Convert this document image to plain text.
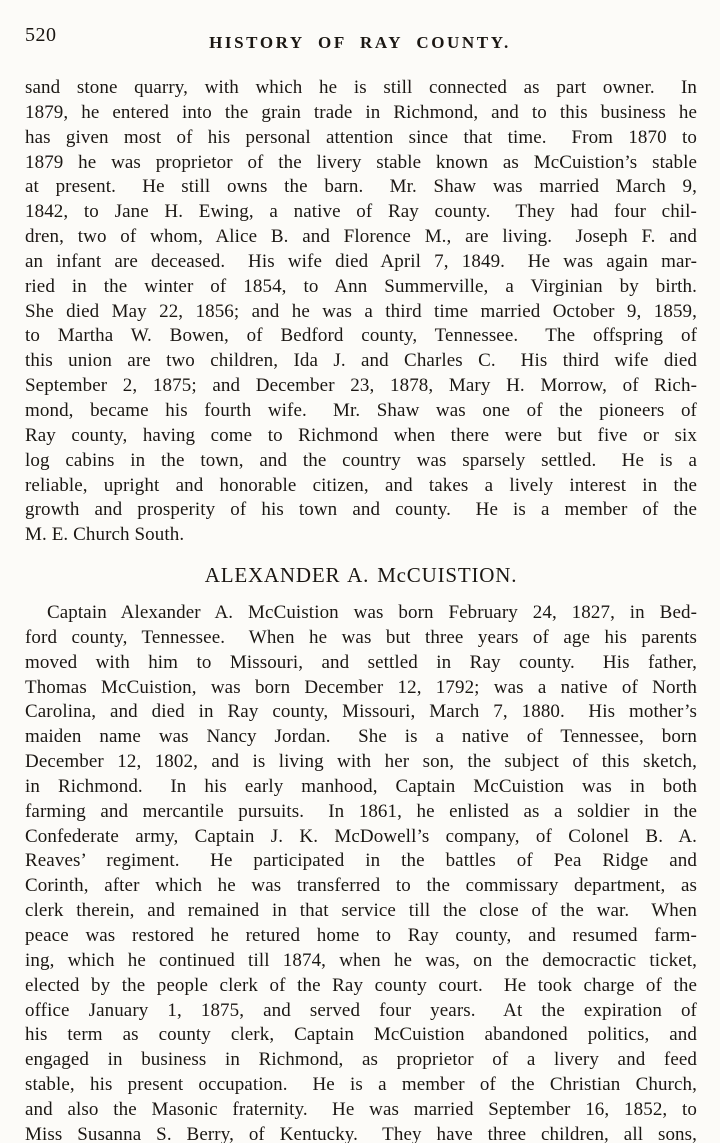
520	HISTORY OF RAY COUNTY.
sand stone quarry, with which he is still connected as part owner.  In
1879, he entered into the grain trade in Richmond, and to this business he
has given most of his personal attention since that time.  From 1870 to
1879 he was proprietor of the livery stable known as McCuistion’s stable
at present.  He still owns the barn.  Mr. Shaw was married March 9,
1842, to Jane H. Ewing, a native of Ray county.  They had four chil-
dren, two of whom, Alice B. and Florence M., are living.  Joseph F. and
an infant are deceased.  His wife died April 7, 1849.  He was again mar-
ried in the winter of 1854, to Ann Summerville, a Virginian by birth.
She died May 22, 1856; and he was a third time married October 9, 1859,
to Martha W. Bowen, of Bedford county, Tennessee.  The offspring of
this union are two children, Ida J. and Charles C.  His third wife died
September 2, 1875; and December 23, 1878, Mary H. Morrow, of Rich-
mond, became his fourth wife.  Mr. Shaw was one of the pioneers of
Ray county, having come to Richmond when there were but five or six
log cabins in the town, and the country was sparsely settled.  He is a
reliable, upright and honorable citizen, and takes a lively interest in the
growth and prosperity of his town and county.  He is a member of the
M. E. Church South.
ALEXANDER A. McCUISTION.
Captain Alexander A. McCuistion was born February 24, 1827, in Bed-
ford county, Tennessee.  When he was but three years of age his parents
moved with him to Missouri, and settled in Ray county.  His father,
Thomas McCuistion, was born December 12, 1792; was a native of North
Carolina, and died in Ray county, Missouri, March 7, 1880.  His mother’s
maiden name was Nancy Jordan.  She is a native of Tennessee, born
December 12, 1802, and is living with her son, the subject of this sketch,
in Richmond.  In his early manhood, Captain McCuistion was in both
farming and mercantile pursuits.  In 1861, he enlisted as a soldier in the
Confederate army, Captain J. K. McDowell’s company, of Colonel B. A.
Reaves’ regiment.  He participated in the battles of Pea Ridge and
Corinth, after which he was transferred to the commissary department, as
clerk therein, and remained in that service till the close of the war.  When
peace was restored he retured home to Ray county, and resumed farm-
ing, which he continued till 1874, when he was, on the democractic ticket,
elected by the people clerk of the Ray county court.  He took charge of the
office January 1, 1875, and served four years.  At the expiration of
his term as county clerk, Captain McCuistion abandoned politics, and
engaged in business in Richmond, as proprietor of a livery and feed
stable, his present occupation.  He is a member of the Christian Church,
and also the Masonic fraternity.  He was married September 16, 1852, to
Miss Susanna S. Berry, of Kentucky.  They have three children, all sons,
